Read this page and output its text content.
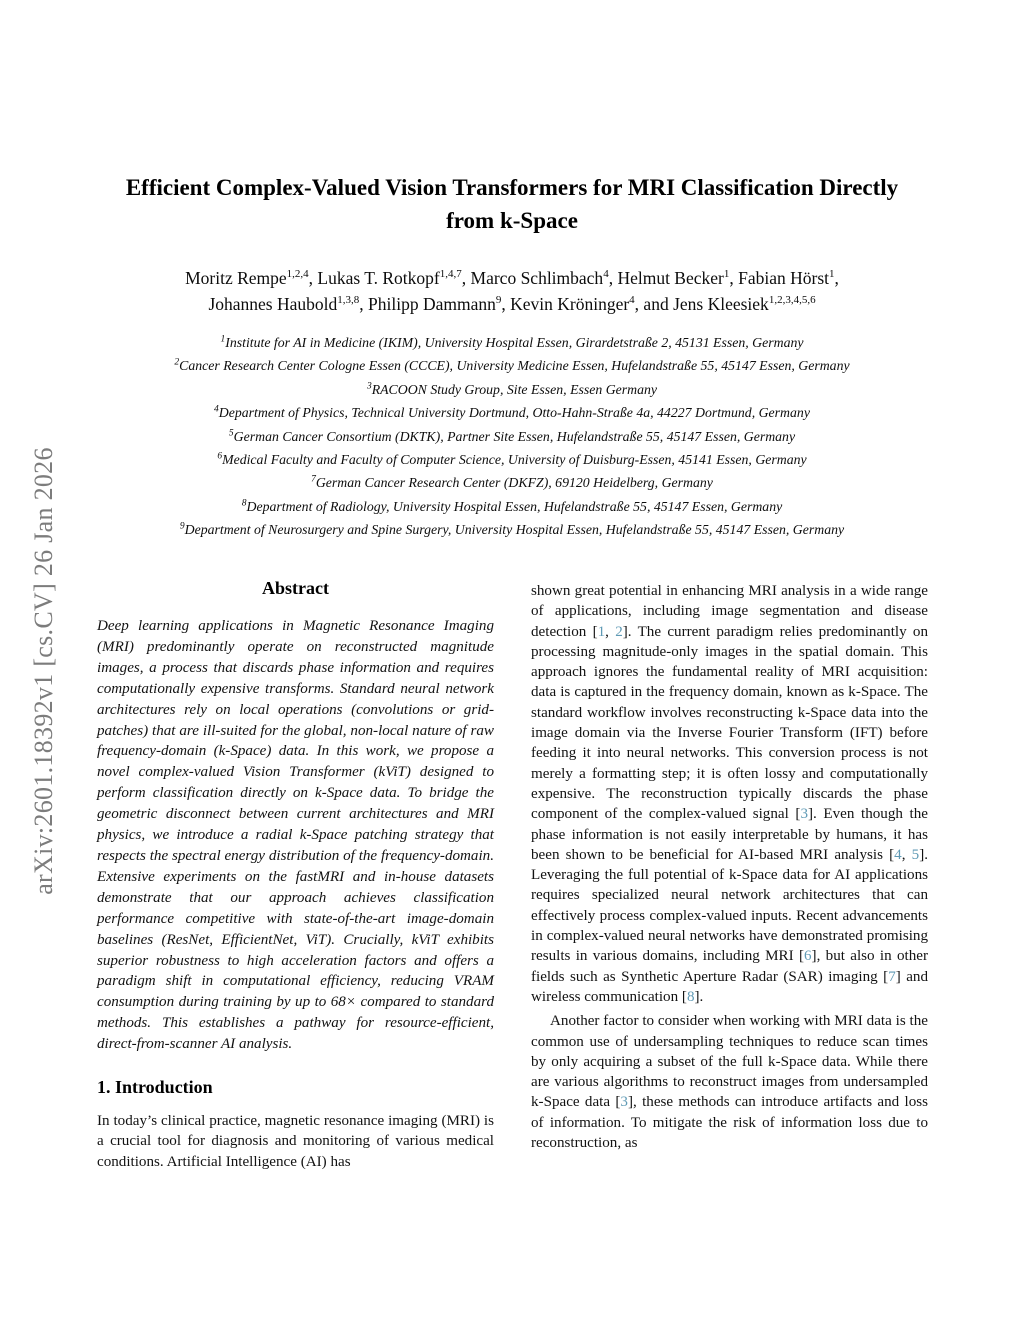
arXiv:2601.18392v1 [cs.CV] 26 Jan 2026
Efficient Complex-Valued Vision Transformers for MRI Classification Directly
from k-Space
Moritz Rempe$^{1,2,4}$, Lukas T. Rotkopf$^{1,4,7}$, Marco Schlimbach$^4$, Helmut Becker$^1$, Fabian Hörst$^1$,
Johannes Haubold$^{1,3,8}$, Philipp Dammann$^9$, Kevin Kröninger$^4$, and Jens Kleesiek$^{1,2,3,4,5,6}$
$^1$Institute for AI in Medicine (IKIM), University Hospital Essen, Girardetstraße 2, 45131 Essen, Germany
$^2$Cancer Research Center Cologne Essen (CCCE), University Medicine Essen, Hufelandstraße 55, 45147 Essen, Germany
$^3$RACOON Study Group, Site Essen, Essen Germany
$^4$Department of Physics, Technical University Dortmund, Otto-Hahn-Straße 4a, 44227 Dortmund, Germany
$^5$German Cancer Consortium (DKTK), Partner Site Essen, Hufelandstraße 55, 45147 Essen, Germany
$^6$Medical Faculty and Faculty of Computer Science, University of Duisburg-Essen, 45141 Essen, Germany
$^7$German Cancer Research Center (DKFZ), 69120 Heidelberg, Germany
$^8$Department of Radiology, University Hospital Essen, Hufelandstraße 55, 45147 Essen, Germany
$^9$Department of Neurosurgery and Spine Surgery, University Hospital Essen, Hufelandstraße 55, 45147 Essen, Germany
Abstract

Deep learning applications in Magnetic Resonance Imaging (MRI) predominantly operate on reconstructed magnitude images, a process that discards phase information and requires computationally expensive transforms. Standard neural network architectures rely on local operations (convolutions or grid-patches) that are ill-suited for the global, non-local nature of raw frequency-domain (k-Space) data. In this work, we propose a novel complex-valued Vision Transformer (kViT) designed to perform classification directly on k-Space data. To bridge the geometric disconnect between current architectures and MRI physics, we introduce a radial k-Space patching strategy that respects the spectral energy distribution of the frequency-domain. Extensive experiments on the fastMRI and in-house datasets demonstrate that our approach achieves classification performance competitive with state-of-the-art image-domain baselines (ResNet, EfficientNet, ViT). Crucially, kViT exhibits superior robustness to high acceleration factors and offers a paradigm shift in computational efficiency, reducing VRAM consumption during training by up to 68× compared to standard methods. This establishes a pathway for resource-efficient, direct-from-scanner AI analysis.

1. Introduction

In today’s clinical practice, magnetic resonance imaging (MRI) is a crucial tool for diagnosis and monitoring of various medical conditions. Artificial Intelligence (AI) has

shown great potential in enhancing MRI analysis in a wide range of applications, including image segmentation and disease detection [1, 2]. The current paradigm relies predominantly on processing magnitude-only images in the spatial domain. This approach ignores the fundamental reality of MRI acquisition: data is captured in the frequency domain, known as k-Space. The standard workflow involves reconstructing k-Space data into the image domain via the Inverse Fourier Transform (IFT) before feeding it into neural networks. This conversion process is not merely a formatting step; it is often lossy and computationally expensive. The reconstruction typically discards the phase component of the complex-valued signal [3]. Even though the phase information is not easily interpretable by humans, it has been shown to be beneficial for AI-based MRI analysis [4, 5]. Leveraging the full potential of k-Space data for AI applications requires specialized neural network architectures that can effectively process complex-valued inputs. Recent advancements in complex-valued neural networks have demonstrated promising results in various domains, including MRI [6], but also in other fields such as Synthetic Aperture Radar (SAR) imaging [7] and wireless communication [8].

Another factor to consider when working with MRI data is the common use of undersampling techniques to reduce scan times by only acquiring a subset of the full k-Space data. While there are various algorithms to reconstruct images from undersampled k-Space data [3], these methods can introduce artifacts and loss of information. To mitigate the risk of information loss due to reconstruction, as
